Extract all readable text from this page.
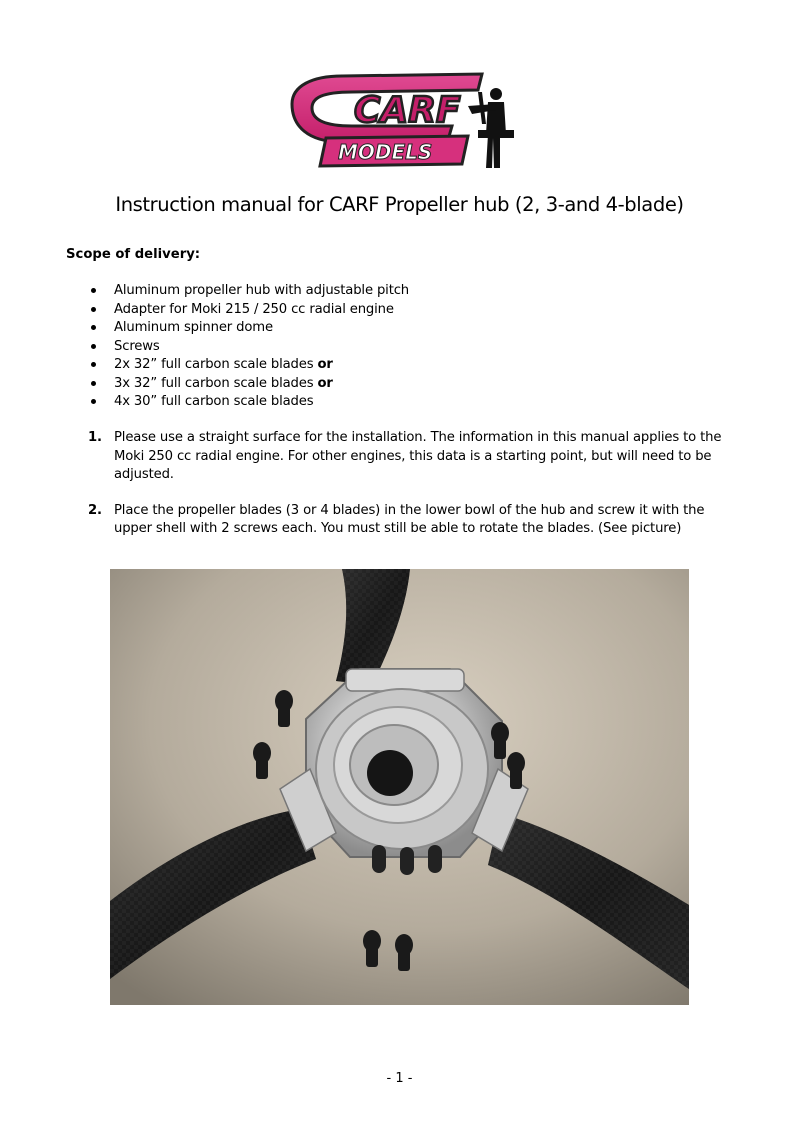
CARF
MODELS
Instruction manual for CARF Propeller hub (2, 3-and 4-blade)

Scope of delivery:

Aluminum propeller hub with adjustable pitch
Adapter for Moki 215 / 250 cc radial engine
Aluminum spinner dome
Screws
2x 32” full carbon scale blades or
3x 32” full carbon scale blades or
4x 30” full carbon scale blades
1. Please use a straight surface for the installation. The information in this manual applies to the Moki 250 cc radial engine. For other engines, this data is a starting point, but will need to be adjusted.
2. Place the propeller blades (3 or 4 blades) in the lower bowl of the hub and screw it with the upper shell with 2 screws each. You must still be able to rotate the blades. (See picture)
- 1 -
